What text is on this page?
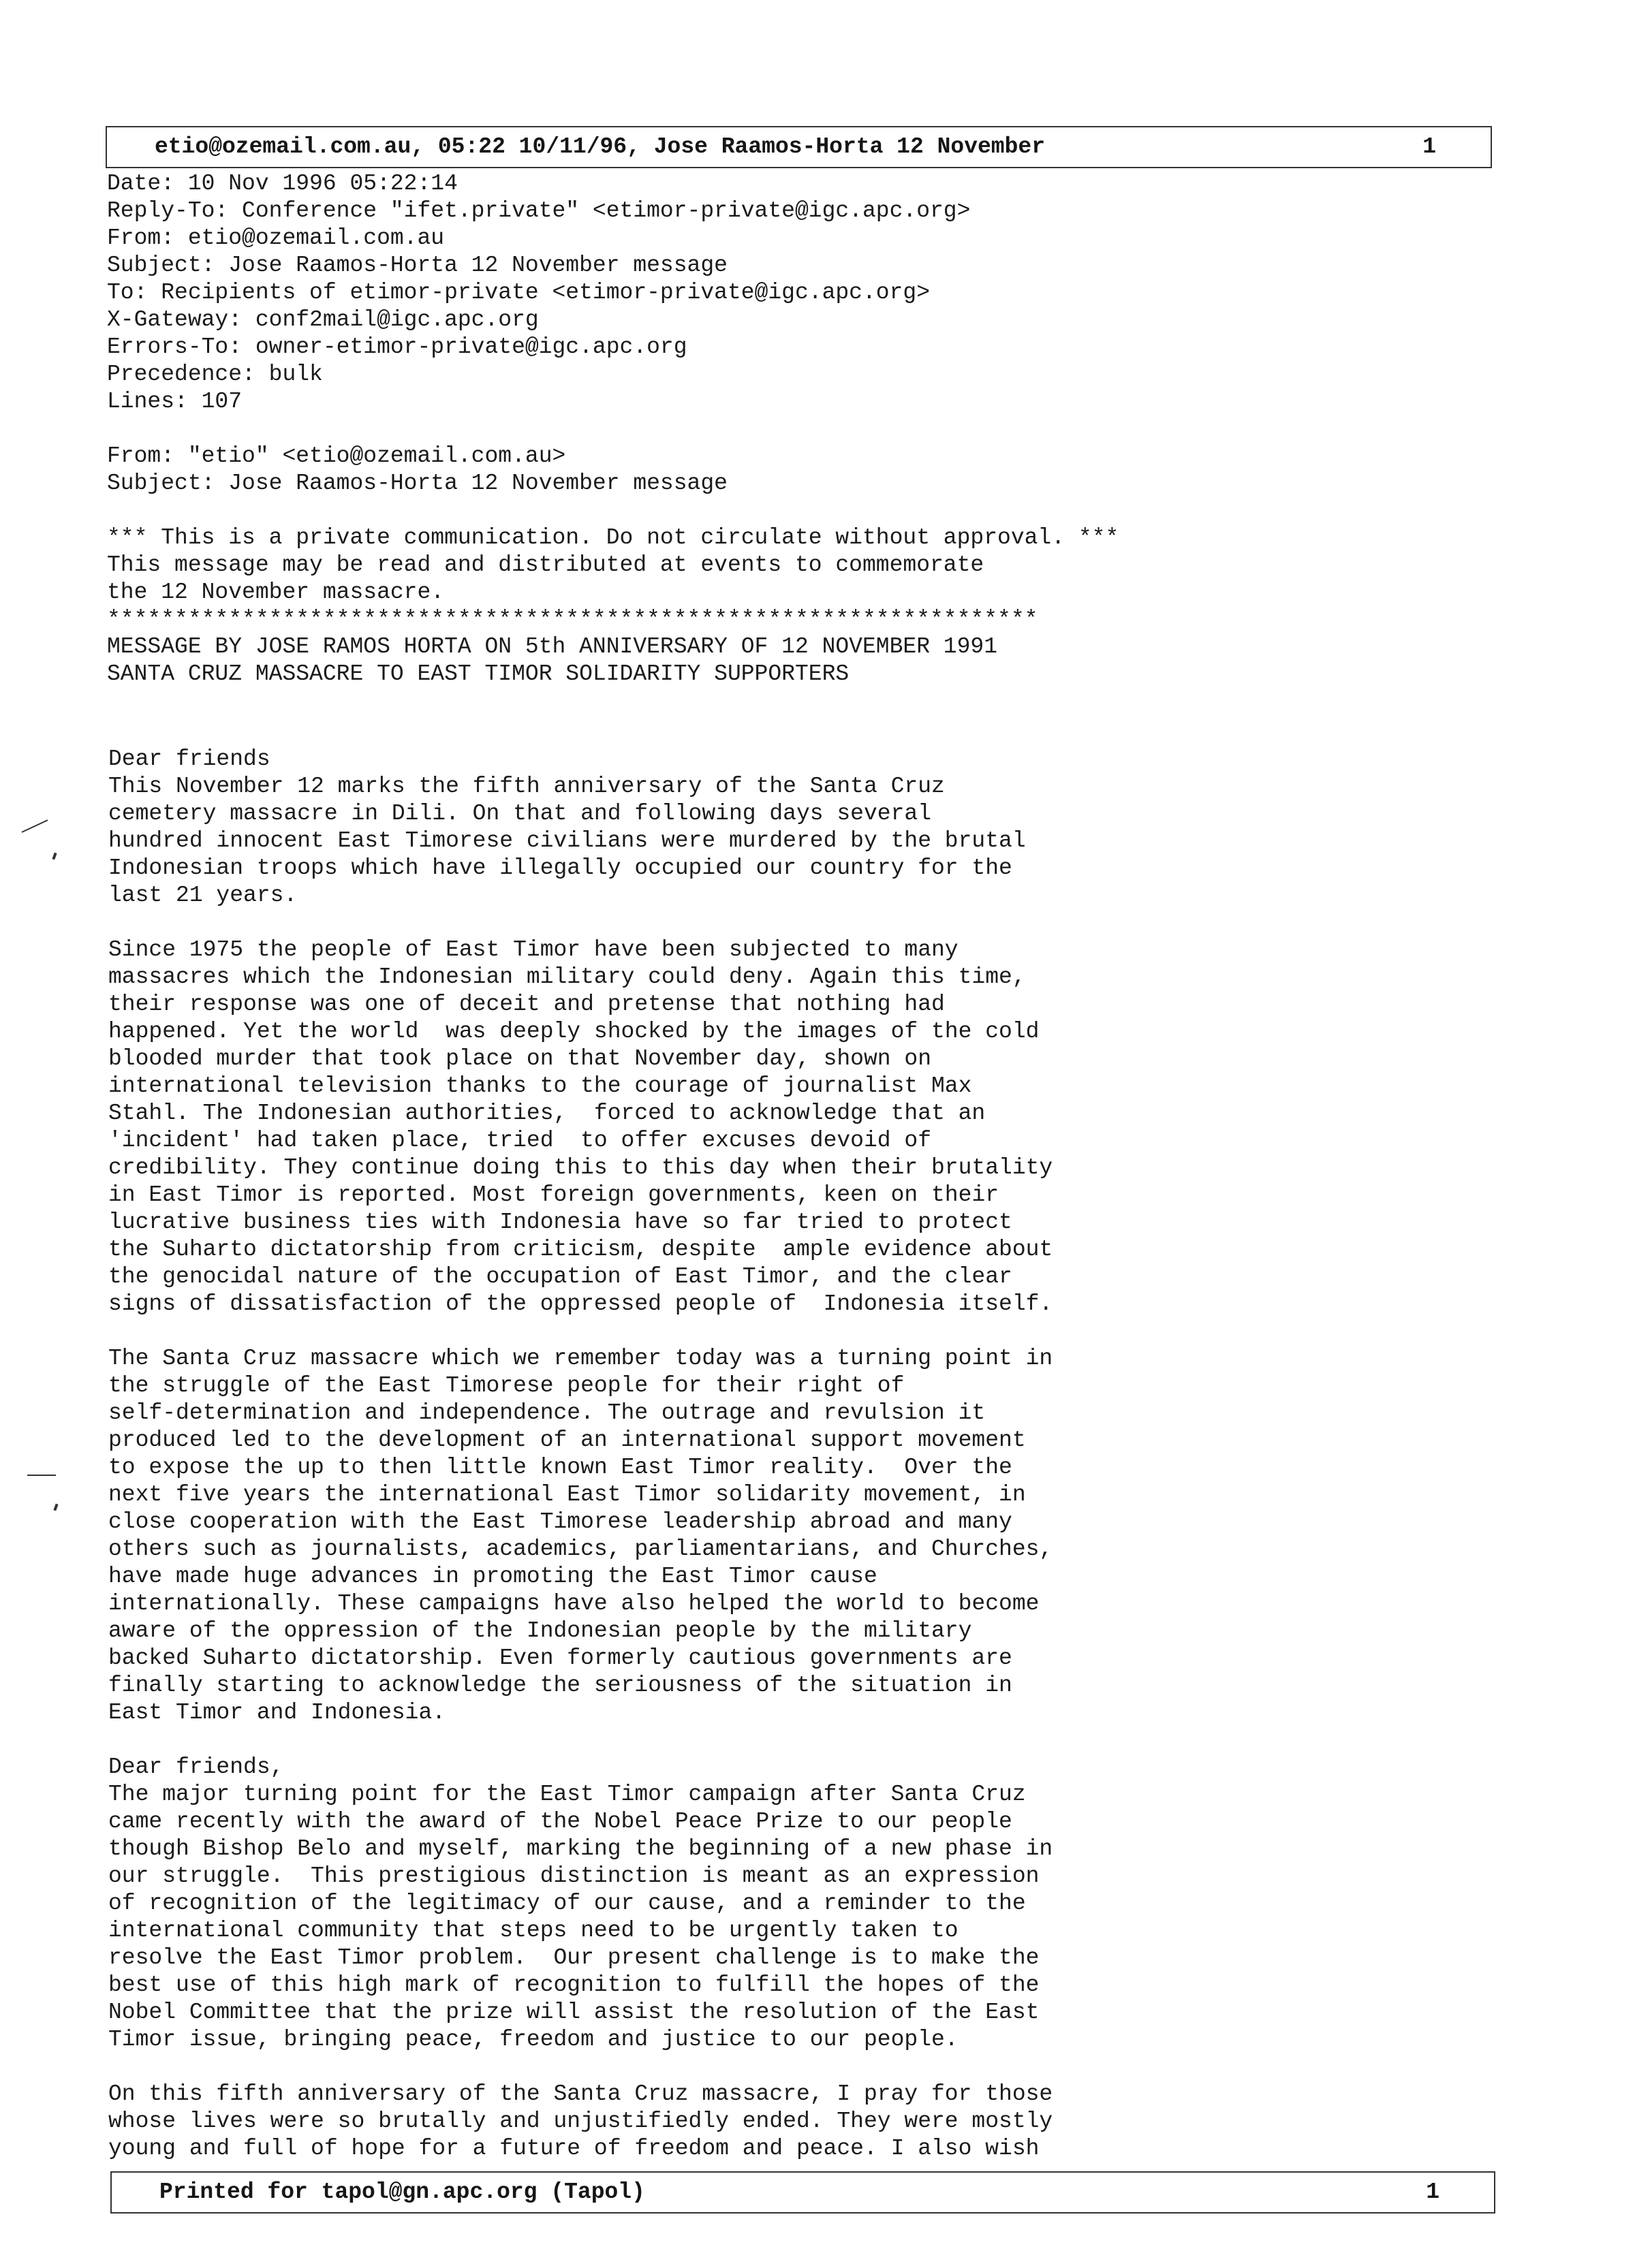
etio@ozemail.com.au, 05:22 10/11/96, Jose Raamos-Horta 12 November	1
Date: 10 Nov 1996 05:22:14
Reply-To: Conference "ifet.private" <etimor-private@igc.apc.org>
From: etio@ozemail.com.au
Subject: Jose Raamos-Horta 12 November message
To: Recipients of etimor-private <etimor-private@igc.apc.org>
X-Gateway: conf2mail@igc.apc.org
Errors-To: owner-etimor-private@igc.apc.org
Precedence: bulk
Lines: 107

From: "etio" <etio@ozemail.com.au>
Subject: Jose Raamos-Horta 12 November message

*** This is a private communication. Do not circulate without approval. ***
This message may be read and distributed at events to commemorate
the 12 November massacre.
*********************************************************************
MESSAGE BY JOSE RAMOS HORTA ON 5th ANNIVERSARY OF 12 NOVEMBER 1991
SANTA CRUZ MASSACRE TO EAST TIMOR SOLIDARITY SUPPORTERS
Dear friends
This November 12 marks the fifth anniversary of the Santa Cruz
cemetery massacre in Dili. On that and following days several
hundred innocent East Timorese civilians were murdered by the brutal
Indonesian troops which have illegally occupied our country for the
last 21 years.

Since 1975 the people of East Timor have been subjected to many
massacres which the Indonesian military could deny. Again this time,
their response was one of deceit and pretense that nothing had
happened. Yet the world  was deeply shocked by the images of the cold
blooded murder that took place on that November day, shown on
international television thanks to the courage of journalist Max
Stahl. The Indonesian authorities,  forced to acknowledge that an
'incident' had taken place, tried  to offer excuses devoid of
credibility. They continue doing this to this day when their brutality
in East Timor is reported. Most foreign governments, keen on their
lucrative business ties with Indonesia have so far tried to protect
the Suharto dictatorship from criticism, despite  ample evidence about
the genocidal nature of the occupation of East Timor, and the clear
signs of dissatisfaction of the oppressed people of  Indonesia itself.

The Santa Cruz massacre which we remember today was a turning point in
the struggle of the East Timorese people for their right of
self-determination and independence. The outrage and revulsion it
produced led to the development of an international support movement
to expose the up to then little known East Timor reality.  Over the
next five years the international East Timor solidarity movement, in
close cooperation with the East Timorese leadership abroad and many
others such as journalists, academics, parliamentarians, and Churches,
have made huge advances in promoting the East Timor cause
internationally. These campaigns have also helped the world to become
aware of the oppression of the Indonesian people by the military
backed Suharto dictatorship. Even formerly cautious governments are
finally starting to acknowledge the seriousness of the situation in
East Timor and Indonesia.

Dear friends,
The major turning point for the East Timor campaign after Santa Cruz
came recently with the award of the Nobel Peace Prize to our people
though Bishop Belo and myself, marking the beginning of a new phase in
our struggle.  This prestigious distinction is meant as an expression
of recognition of the legitimacy of our cause, and a reminder to the
international community that steps need to be urgently taken to
resolve the East Timor problem.  Our present challenge is to make the
best use of this high mark of recognition to fulfill the hopes of the
Nobel Committee that the prize will assist the resolution of the East
Timor issue, bringing peace, freedom and justice to our people.

On this fifth anniversary of the Santa Cruz massacre, I pray for those
whose lives were so brutally and unjustifiedly ended. They were mostly
young and full of hope for a future of freedom and peace. I also wish
Printed for tapol@gn.apc.org (Tapol)	1
